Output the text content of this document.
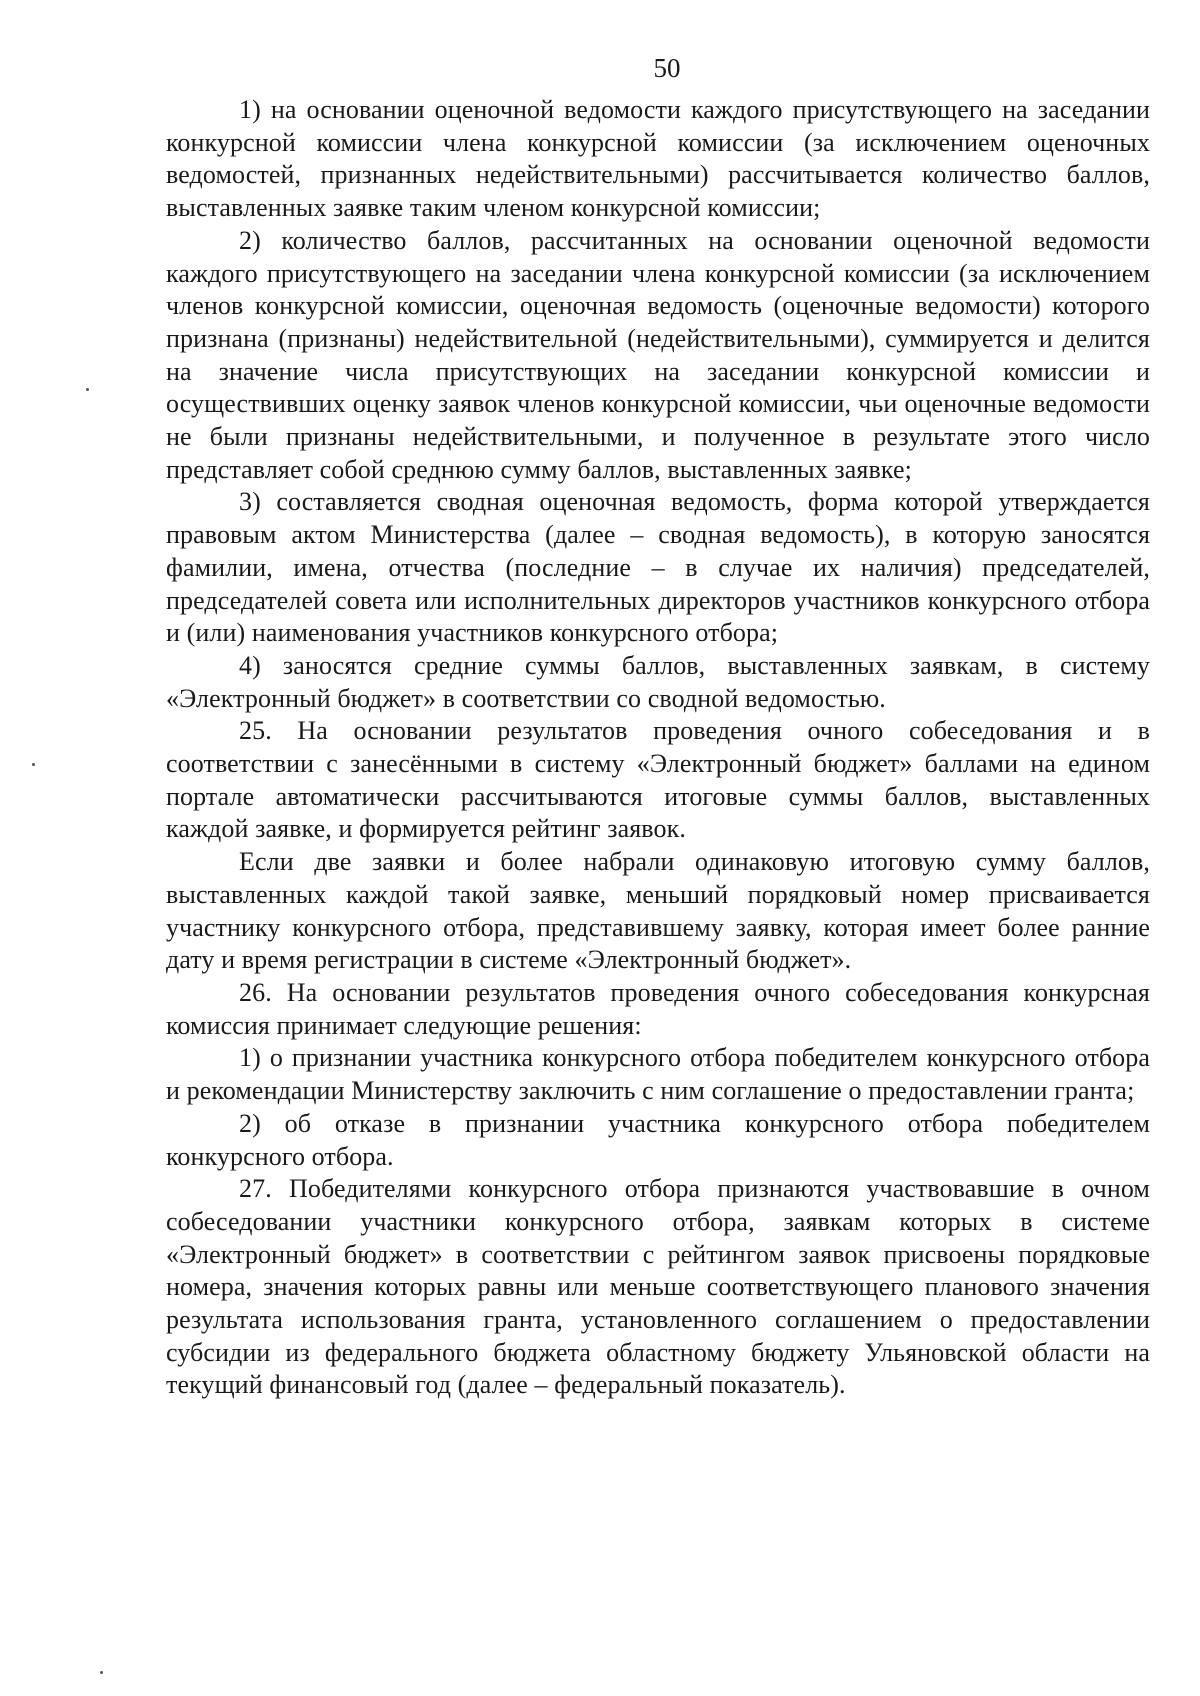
50

1) на основании оценочной ведомости каждого присутствующего на заседании конкурсной комиссии члена конкурсной комиссии (за исключением оценочных ведомостей, признанных недействительными) рассчитывается количество баллов, выставленных заявке таким членом конкурсной комиссии;

2) количество баллов, рассчитанных на основании оценочной ведомости каждого присутствующего на заседании члена конкурсной комиссии (за исключением членов конкурсной комиссии, оценочная ведомость (оценочные ведомости) которого признана (признаны) недействительной (недействительными), суммируется и делится на значение числа присутствующих на заседании конкурсной комиссии и осуществивших оценку заявок членов конкурсной комиссии, чьи оценочные ведомости не были признаны недействительными, и полученное в результате этого число представляет собой среднюю сумму баллов, выставленных заявке;

3) составляется сводная оценочная ведомость, форма которой утверждается правовым актом Министерства (далее – сводная ведомость), в которую заносятся фамилии, имена, отчества (последние – в случае их наличия) председателей, председателей совета или исполнительных директоров участников конкурсного отбора и (или) наименования участников конкурсного отбора;

4) заносятся средние суммы баллов, выставленных заявкам, в систему «Электронный бюджет» в соответствии со сводной ведомостью.

25. На основании результатов проведения очного собеседования и в соответствии с занесёнными в систему «Электронный бюджет» баллами на едином портале автоматически рассчитываются итоговые суммы баллов, выставленных каждой заявке, и формируется рейтинг заявок.

Если две заявки и более набрали одинаковую итоговую сумму баллов, выставленных каждой такой заявке, меньший порядковый номер присваивается участнику конкурсного отбора, представившему заявку, которая имеет более ранние дату и время регистрации в системе «Электронный бюджет».

26. На основании результатов проведения очного собеседования конкурсная комиссия принимает следующие решения:

1) о признании участника конкурсного отбора победителем конкурсного отбора и рекомендации Министерству заключить с ним соглашение о предоставлении гранта;

2) об отказе в признании участника конкурсного отбора победителем конкурсного отбора.

27. Победителями конкурсного отбора признаются участвовавшие в очном собеседовании участники конкурсного отбора, заявкам которых в системе «Электронный бюджет» в соответствии с рейтингом заявок присвоены порядковые номера, значения которых равны или меньше соответствующего планового значения результата использования гранта, установленного соглашением о предоставлении субсидии из федерального бюджета областному бюджету Ульяновской области на текущий финансовый год (далее – федеральный показатель).
